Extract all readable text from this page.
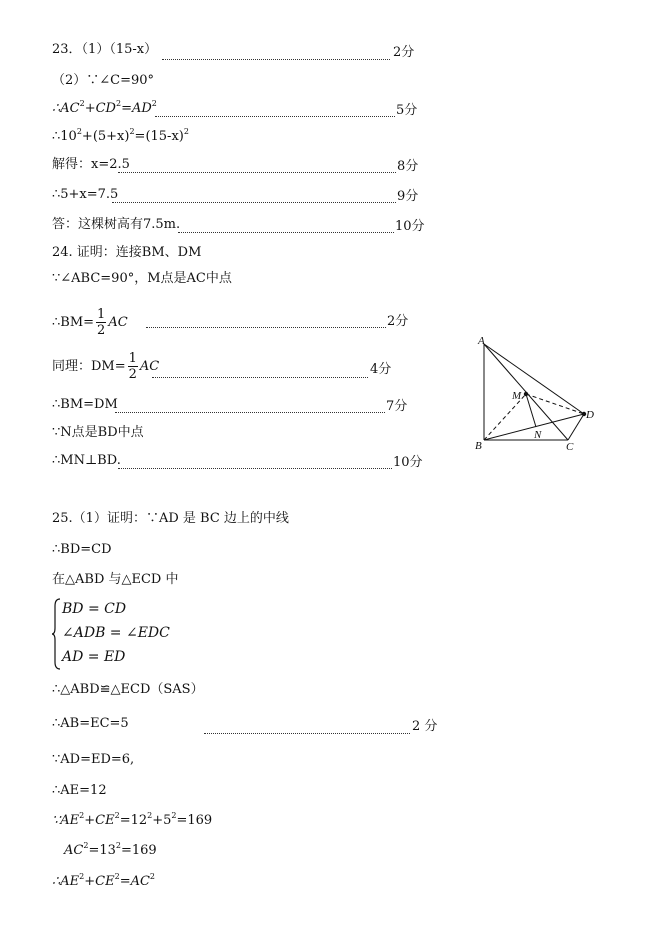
23．（1）（15-x）	2分
（2）∵∠C=90°
$\therefore AC^2+CD^2=AD^2$	5分
$\therefore 10^2+(5+x)^2=(15-x)^2$
解得：x=2.5	8分
∴5+x=7.5	9分
答：这棵树高有7.5m.	10分
24. 证明：连接BM、DM
∵∠ABC=90°，M点是AC中点
∴BM= $\frac{1}{2}$ AC	2分
同理：$DM= \frac{1}{2}$ AC	4分
∴BM=DM	7分
∵N点是BD中点
∴MN⊥BD.	10分
A
M
D
B
N
C
25.（1）证明：∵AD 是 BC 边上的中线
∴BD=CD
在△ABD 与△ECD 中
BD = CD
∠ADB = ∠EDC
AD = ED
∴△ABD≌△ECD（SAS）
∴AB=EC=5	2 分
∵AD=ED=6,
∴AE=12
$\because AE^2+CE^2=12^2+5^2=169$
$AC^2=13^2=169$
$\therefore AE^2+CE^2=AC^2$
